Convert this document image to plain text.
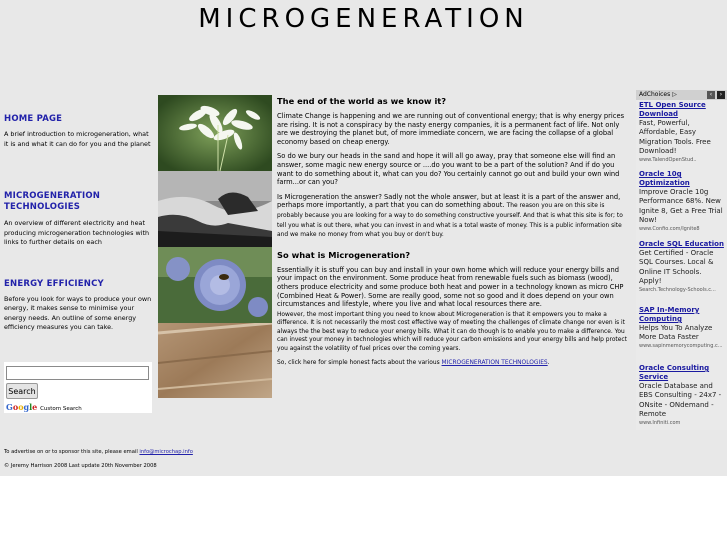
MICROGENERATION
HOME PAGE
A brief introduction to microgeneration, what it is and what it can do for you and the planet
MICROGENERATION TECHNOLOGIES
An overview of different electricity and heat producing microgeneration technologies with links to further details on each
ENERGY EFFICIENCY
Before you look for ways to produce your own energy, it makes sense to minimise your energy needs. An outline of some energy efficiency measures you can take.
Search
Google Custom Search
The end of the world as we know it?
Climate Change is happening and we are running out of conventional energy; that is why energy prices are rising. It is not a conspiracy by the nasty energy companies, it is a permanent fact of life. Not only are we destroying the planet but, of more immediate concern, we are facing the collapse of a global economy based on cheap energy.
So do we bury our heads in the sand and hope it will all go away, pray that someone else will find an answer, some magic new energy source or ....do you want to be a part of the solution? And if do you want to do something about it, what can you do? You certainly cannot go out and build your own wind farm...or can you?
Is Microgeneration the answer? Sadly not the whole answer, but at least it is a part of the answer and, perhaps more importantly, a part that you can do something about. The reason you are on this site is probably because you are looking for a way to do something constructive yourself. And that is what this site is for; to tell you what is out there, what you can invest in and what is a total waste of money. This is a public information site and we make no money from what you buy or don't buy.
So what is Microgeneration?
Essentially it is stuff you can buy and install in your own home which will reduce your energy bills and your impact on the environment. Some produce heat from renewable fuels such as biomass (wood), others produce electricity and some produce both heat and power in a technology known as micro CHP (Combined Heat & Power). Some are really good, some not so good and it does depend on your own circumstances and lifestyle, where you live and what local resources there are.
However, the most important thing you need to know about Microgeneration is that it empowers you to make a difference. It is not necessarily the most cost effective way of meeting the challenges of climate change nor even is it always the the best way to reduce your energy bills. What it can do though is to enable you to make a difference. You can invest your money in technologies which will reduce your carbon emissions and your energy bills and help protect you against the volatility of fuel prices over the coming years.
So, click here for simple honest facts about the various MICROGENERATION TECHNOLOGIES.
AdChoices ▷	‹	›
ETL Open Source Download
Fast, Powerful, Affordable, Easy Migration Tools. Free Download!
www.TalendOpenStud..
Oracle 10g Optimization
Improve Oracle 10g Performance 68%. New Ignite 8, Get a Free Trial Now!
www.Confio.com/Ignite8
Oracle SQL Education
Get Certified - Oracle SQL Courses. Local & Online IT Schools. Apply!
Search.Technology-Schools.c...
SAP In-Memory Computing
Helps You To Analyze More Data Faster
www.sapinmemorycomputing.c...
Oracle Consulting Service
Oracle Database and EBS Consulting - 24x7 - ONsite - ONdemand - Remote
www.Infiniti.com
To advertise on or to sponsor this site, please email info@microchap.info
© Jeremy Harrison 2008 Last update 20th November 2008
